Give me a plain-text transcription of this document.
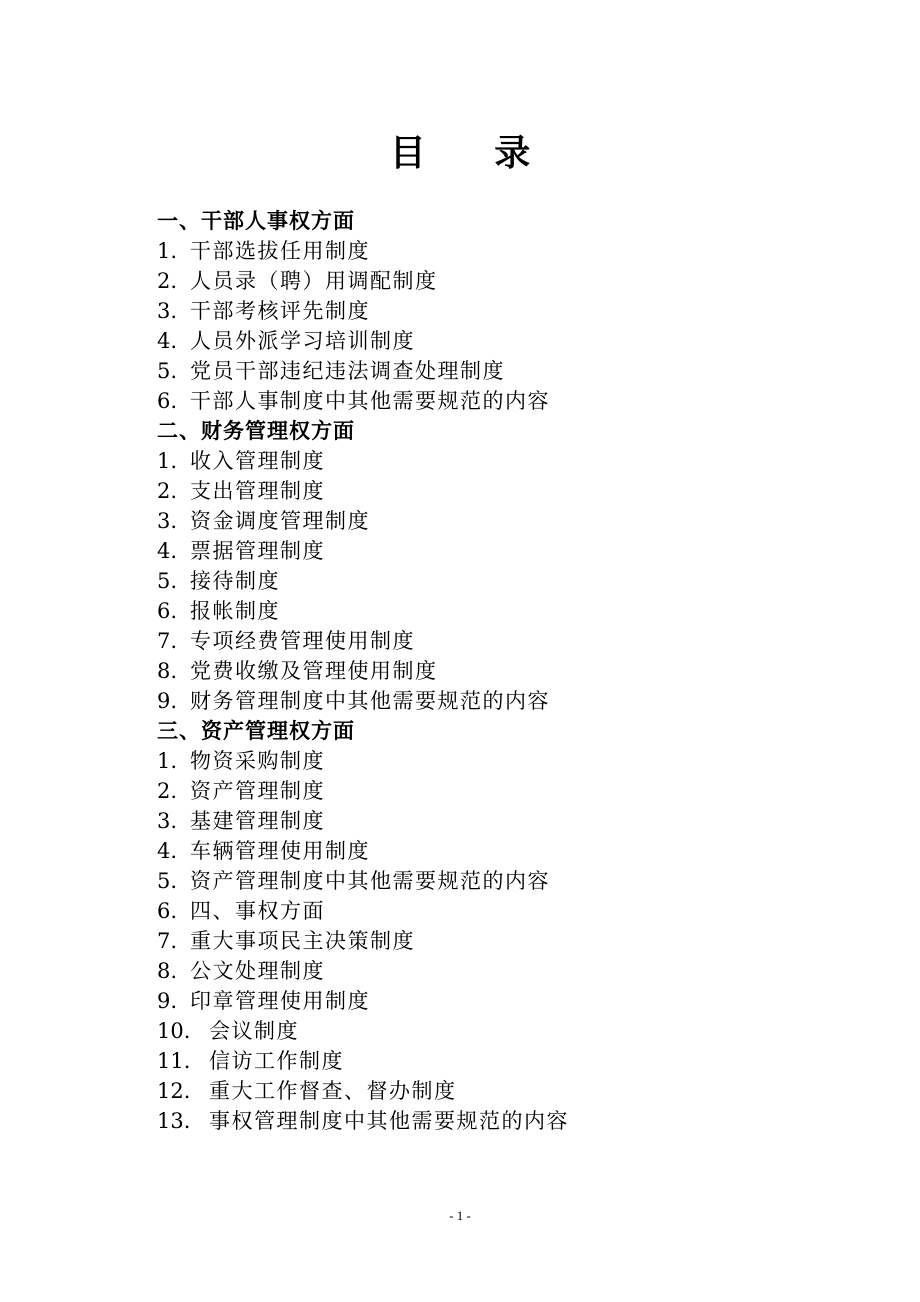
目 录
一、干部人事权方面
1. 干部选拔任用制度
2. 人员录（聘）用调配制度
3. 干部考核评先制度
4. 人员外派学习培训制度
5. 党员干部违纪违法调查处理制度
6. 干部人事制度中其他需要规范的内容
二、财务管理权方面
1. 收入管理制度
2. 支出管理制度
3. 资金调度管理制度
4. 票据管理制度
5. 接待制度
6. 报帐制度
7. 专项经费管理使用制度
8. 党费收缴及管理使用制度
9. 财务管理制度中其他需要规范的内容
三、资产管理权方面
1. 物资采购制度
2. 资产管理制度
3. 基建管理制度
4. 车辆管理使用制度
5. 资产管理制度中其他需要规范的内容
6. 四、事权方面
7. 重大事项民主决策制度
8. 公文处理制度
9. 印章管理使用制度
10. 会议制度
11. 信访工作制度
12. 重大工作督查、督办制度
13. 事权管理制度中其他需要规范的内容
- 1 -
